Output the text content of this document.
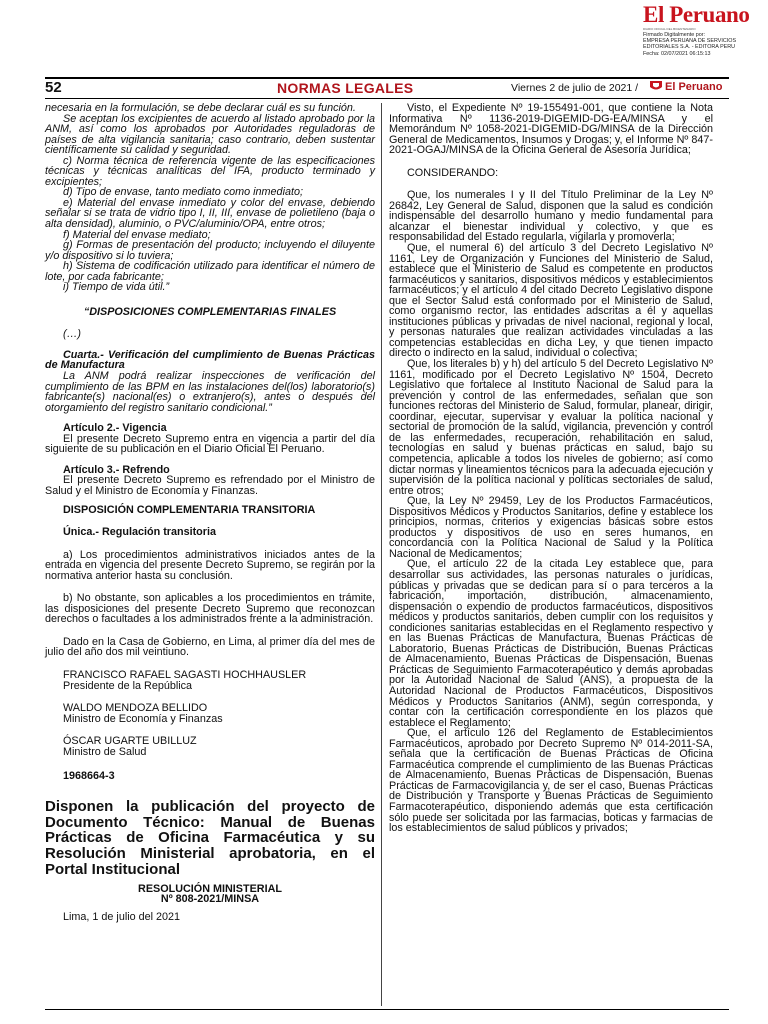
El Peruano
DIARIO OFICIAL DEL BICENTENARIO
Firmado Digitalmente por:
EMPRESA PERUANA DE SERVICIOS
EDITORIALES S.A. - EDITORA PERU
Fecha: 02/07/2021 06:15:13
52	NORMAS LEGALES	Viernes 2 de julio de 2021 /	El Peruano

necesaria en la formulación, se debe declarar cuál es su función.

Se aceptan los excipientes de acuerdo al listado aprobado por la ANM, así como los aprobados por Autoridades reguladoras de países de alta vigilancia sanitaria; caso contrario, deben sustentar científicamente su calidad y seguridad.

c) Norma técnica de referencia vigente de las especificaciones técnicas y técnicas analíticas del IFA, producto terminado y excipientes;

d) Tipo de envase, tanto mediato como inmediato;

e) Material del envase inmediato y color del envase, debiendo señalar si se trata de vidrio tipo I, II, III, envase de polietileno (baja o alta densidad), aluminio, o PVC/aluminio/OPA, entre otros;

f) Material del envase mediato;

g) Formas de presentación del producto; incluyendo el diluyente y/o dispositivo si lo tuviera;

h) Sistema de codificación utilizado para identificar el número de lote, por cada fabricante;

i) Tiempo de vida útil.”

“DISPOSICIONES COMPLEMENTARIAS FINALES

(…)

Cuarta.- Verificación del cumplimiento de Buenas Prácticas de Manufactura

La ANM podrá realizar inspecciones de verificación del cumplimiento de las BPM en las instalaciones del(los) laboratorio(s) fabricante(s) nacional(es) o extranjero(s), antes o después del otorgamiento del registro sanitario condicional.”

Artículo 2.- Vigencia

El presente Decreto Supremo entra en vigencia a partir del día siguiente de su publicación en el Diario Oficial El Peruano.

Artículo 3.- Refrendo

El presente Decreto Supremo es refrendado por el Ministro de Salud y el Ministro de Economía y Finanzas.

DISPOSICIÓN COMPLEMENTARIA TRANSITORIA

Única.- Regulación transitoria

a) Los procedimientos administrativos iniciados antes de la entrada en vigencia del presente Decreto Supremo, se regirán por la normativa anterior hasta su conclusión.

b) No obstante, son aplicables a los procedimientos en trámite, las disposiciones del presente Decreto Supremo que reconozcan derechos o facultades a los administrados frente a la administración.

Dado en la Casa de Gobierno, en Lima, al primer día del mes de julio del año dos mil veintiuno.

FRANCISCO RAFAEL SAGASTI HOCHHAUSLER

Presidente de la República

WALDO MENDOZA BELLIDO

Ministro de Economía y Finanzas

ÓSCAR UGARTE UBILLUZ

Ministro de Salud

1968664-3

Disponen la publicación del proyecto de Documento Técnico: Manual de Buenas Prácticas de Oficina Farmacéutica y su Resolución Ministerial aprobatoria, en el Portal Institucional

RESOLUCIÓN MINISTERIAL

Nº 808-2021/MINSA

Lima, 1 de julio del 2021

Visto, el Expediente Nº 19-155491-001, que contiene la Nota Informativa Nº 1136-2019-DIGEMID-DG-EA/MINSA y el Memorándum Nº 1058-2021-DIGEMID-DG/MINSA de la Dirección General de Medicamentos, Insumos y Drogas; y, el Informe Nº 847-2021-OGAJ/MINSA de la Oficina General de Asesoría Jurídica;

CONSIDERANDO:

Que, los numerales I y II del Título Preliminar de la Ley Nº 26842, Ley General de Salud, disponen que la salud es condición indispensable del desarrollo humano y medio fundamental para alcanzar el bienestar individual y colectivo, y que es responsabilidad del Estado regularla, vigilarla y promoverla;

Que, el numeral 6) del artículo 3 del Decreto Legislativo Nº 1161, Ley de Organización y Funciones del Ministerio de Salud, establece que el Ministerio de Salud es competente en productos farmacéuticos y sanitarios, dispositivos médicos y establecimientos farmacéuticos; y el artículo 4 del citado Decreto Legislativo dispone que el Sector Salud está conformado por el Ministerio de Salud, como organismo rector, las entidades adscritas a él y aquellas instituciones públicas y privadas de nivel nacional, regional y local, y personas naturales que realizan actividades vinculadas a las competencias establecidas en dicha Ley, y que tienen impacto directo o indirecto en la salud, individual o colectiva;

Que, los literales b) y h) del artículo 5 del Decreto Legislativo Nº 1161, modificado por el Decreto Legislativo Nº 1504, Decreto Legislativo que fortalece al Instituto Nacional de Salud para la prevención y control de las enfermedades, señalan que son funciones rectoras del Ministerio de Salud, formular, planear, dirigir, coordinar, ejecutar, supervisar y evaluar la política nacional y sectorial de promoción de la salud, vigilancia, prevención y control de las enfermedades, recuperación, rehabilitación en salud, tecnologías en salud y buenas prácticas en salud, bajo su competencia, aplicable a todos los niveles de gobierno; así como dictar normas y lineamientos técnicos para la adecuada ejecución y supervisión de la política nacional y políticas sectoriales de salud, entre otros;

Que, la Ley Nº 29459, Ley de los Productos Farmacéuticos, Dispositivos Médicos y Productos Sanitarios, define y establece los principios, normas, criterios y exigencias básicas sobre estos productos y dispositivos de uso en seres humanos, en concordancia con la Política Nacional de Salud y la Política Nacional de Medicamentos;

Que, el artículo 22 de la citada Ley establece que, para desarrollar sus actividades, las personas naturales o jurídicas, públicas y privadas que se dedican para sí o para terceros a la fabricación, importación, distribución, almacenamiento, dispensación o expendio de productos farmacéuticos, dispositivos médicos y productos sanitarios, deben cumplir con los requisitos y condiciones sanitarias establecidas en el Reglamento respectivo y en las Buenas Prácticas de Manufactura, Buenas Prácticas de Laboratorio, Buenas Prácticas de Distribución, Buenas Prácticas de Almacenamiento, Buenas Prácticas de Dispensación, Buenas Prácticas de Seguimiento Farmacoterapéutico y demás aprobadas por la Autoridad Nacional de Salud (ANS), a propuesta de la Autoridad Nacional de Productos Farmacéuticos, Dispositivos Médicos y Productos Sanitarios (ANM), según corresponda, y contar con la certificación correspondiente en los plazos que establece el Reglamento;

Que, el artículo 126 del Reglamento de Establecimientos Farmacéuticos, aprobado por Decreto Supremo Nº 014-2011-SA, señala que la certificación de Buenas Prácticas de Oficina Farmacéutica comprende el cumplimiento de las Buenas Prácticas de Almacenamiento, Buenas Prácticas de Dispensación, Buenas Prácticas de Farmacovigilancia y, de ser el caso, Buenas Prácticas de Distribución y Transporte y Buenas Prácticas de Seguimiento Farmacoterapéutico, disponiendo además que esta certificación sólo puede ser solicitada por las farmacias, boticas y farmacias de los establecimientos de salud públicos y privados;
